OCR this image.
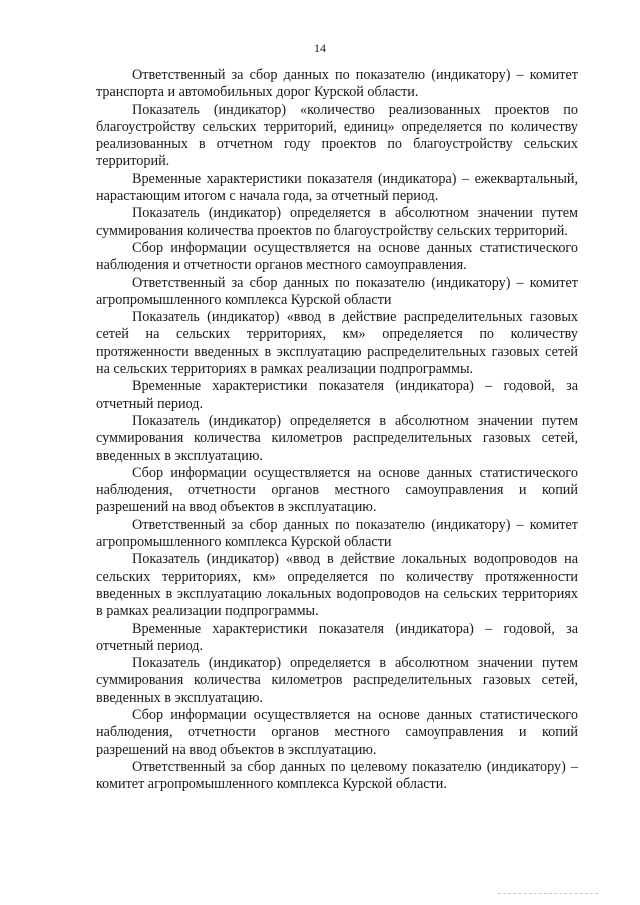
14

Ответственный за сбор данных по показателю (индикатору) – комитет транспорта и автомобильных дорог Курской области.

Показатель (индикатор) «количество реализованных проектов по благоустройству сельских территорий, единиц» определяется по количеству реализованных в отчетном году проектов по благоустройству сельских территорий.

Временные характеристики показателя (индикатора) – ежеквартальный, нарастающим итогом с начала года, за отчетный период.

Показатель (индикатор) определяется в абсолютном значении путем суммирования количества проектов по благоустройству сельских территорий.

Сбор информации осуществляется на основе данных статистического наблюдения и отчетности органов местного самоуправления.

Ответственный за сбор данных по показателю (индикатору) – комитет агропромышленного комплекса Курской области

Показатель (индикатор) «ввод в действие распределительных газовых сетей на сельских территориях, км» определяется по количеству протяженности введенных в эксплуатацию распределительных газовых сетей на сельских территориях в рамках реализации подпрограммы.

Временные характеристики показателя (индикатора) – годовой, за отчетный период.

Показатель (индикатор) определяется в абсолютном значении путем суммирования количества километров распределительных газовых сетей, введенных в эксплуатацию.

Сбор информации осуществляется на основе данных статистического наблюдения, отчетности органов местного самоуправления и копий разрешений на ввод объектов в эксплуатацию.

Ответственный за сбор данных по показателю (индикатору) – комитет агропромышленного комплекса Курской области

Показатель (индикатор) «ввод в действие локальных водопроводов на сельских территориях, км» определяется по количеству протяженности введенных в эксплуатацию локальных водопроводов на сельских территориях в рамках реализации подпрограммы.

Временные характеристики показателя (индикатора) – годовой, за отчетный период.

Показатель (индикатор) определяется в абсолютном значении путем суммирования количества километров распределительных газовых сетей, введенных в эксплуатацию.

Сбор информации осуществляется на основе данных статистического наблюдения, отчетности органов местного самоуправления и копий разрешений на ввод объектов в эксплуатацию.

Ответственный за сбор данных по целевому показателю (индикатору) – комитет агропромышленного комплекса Курской области.
